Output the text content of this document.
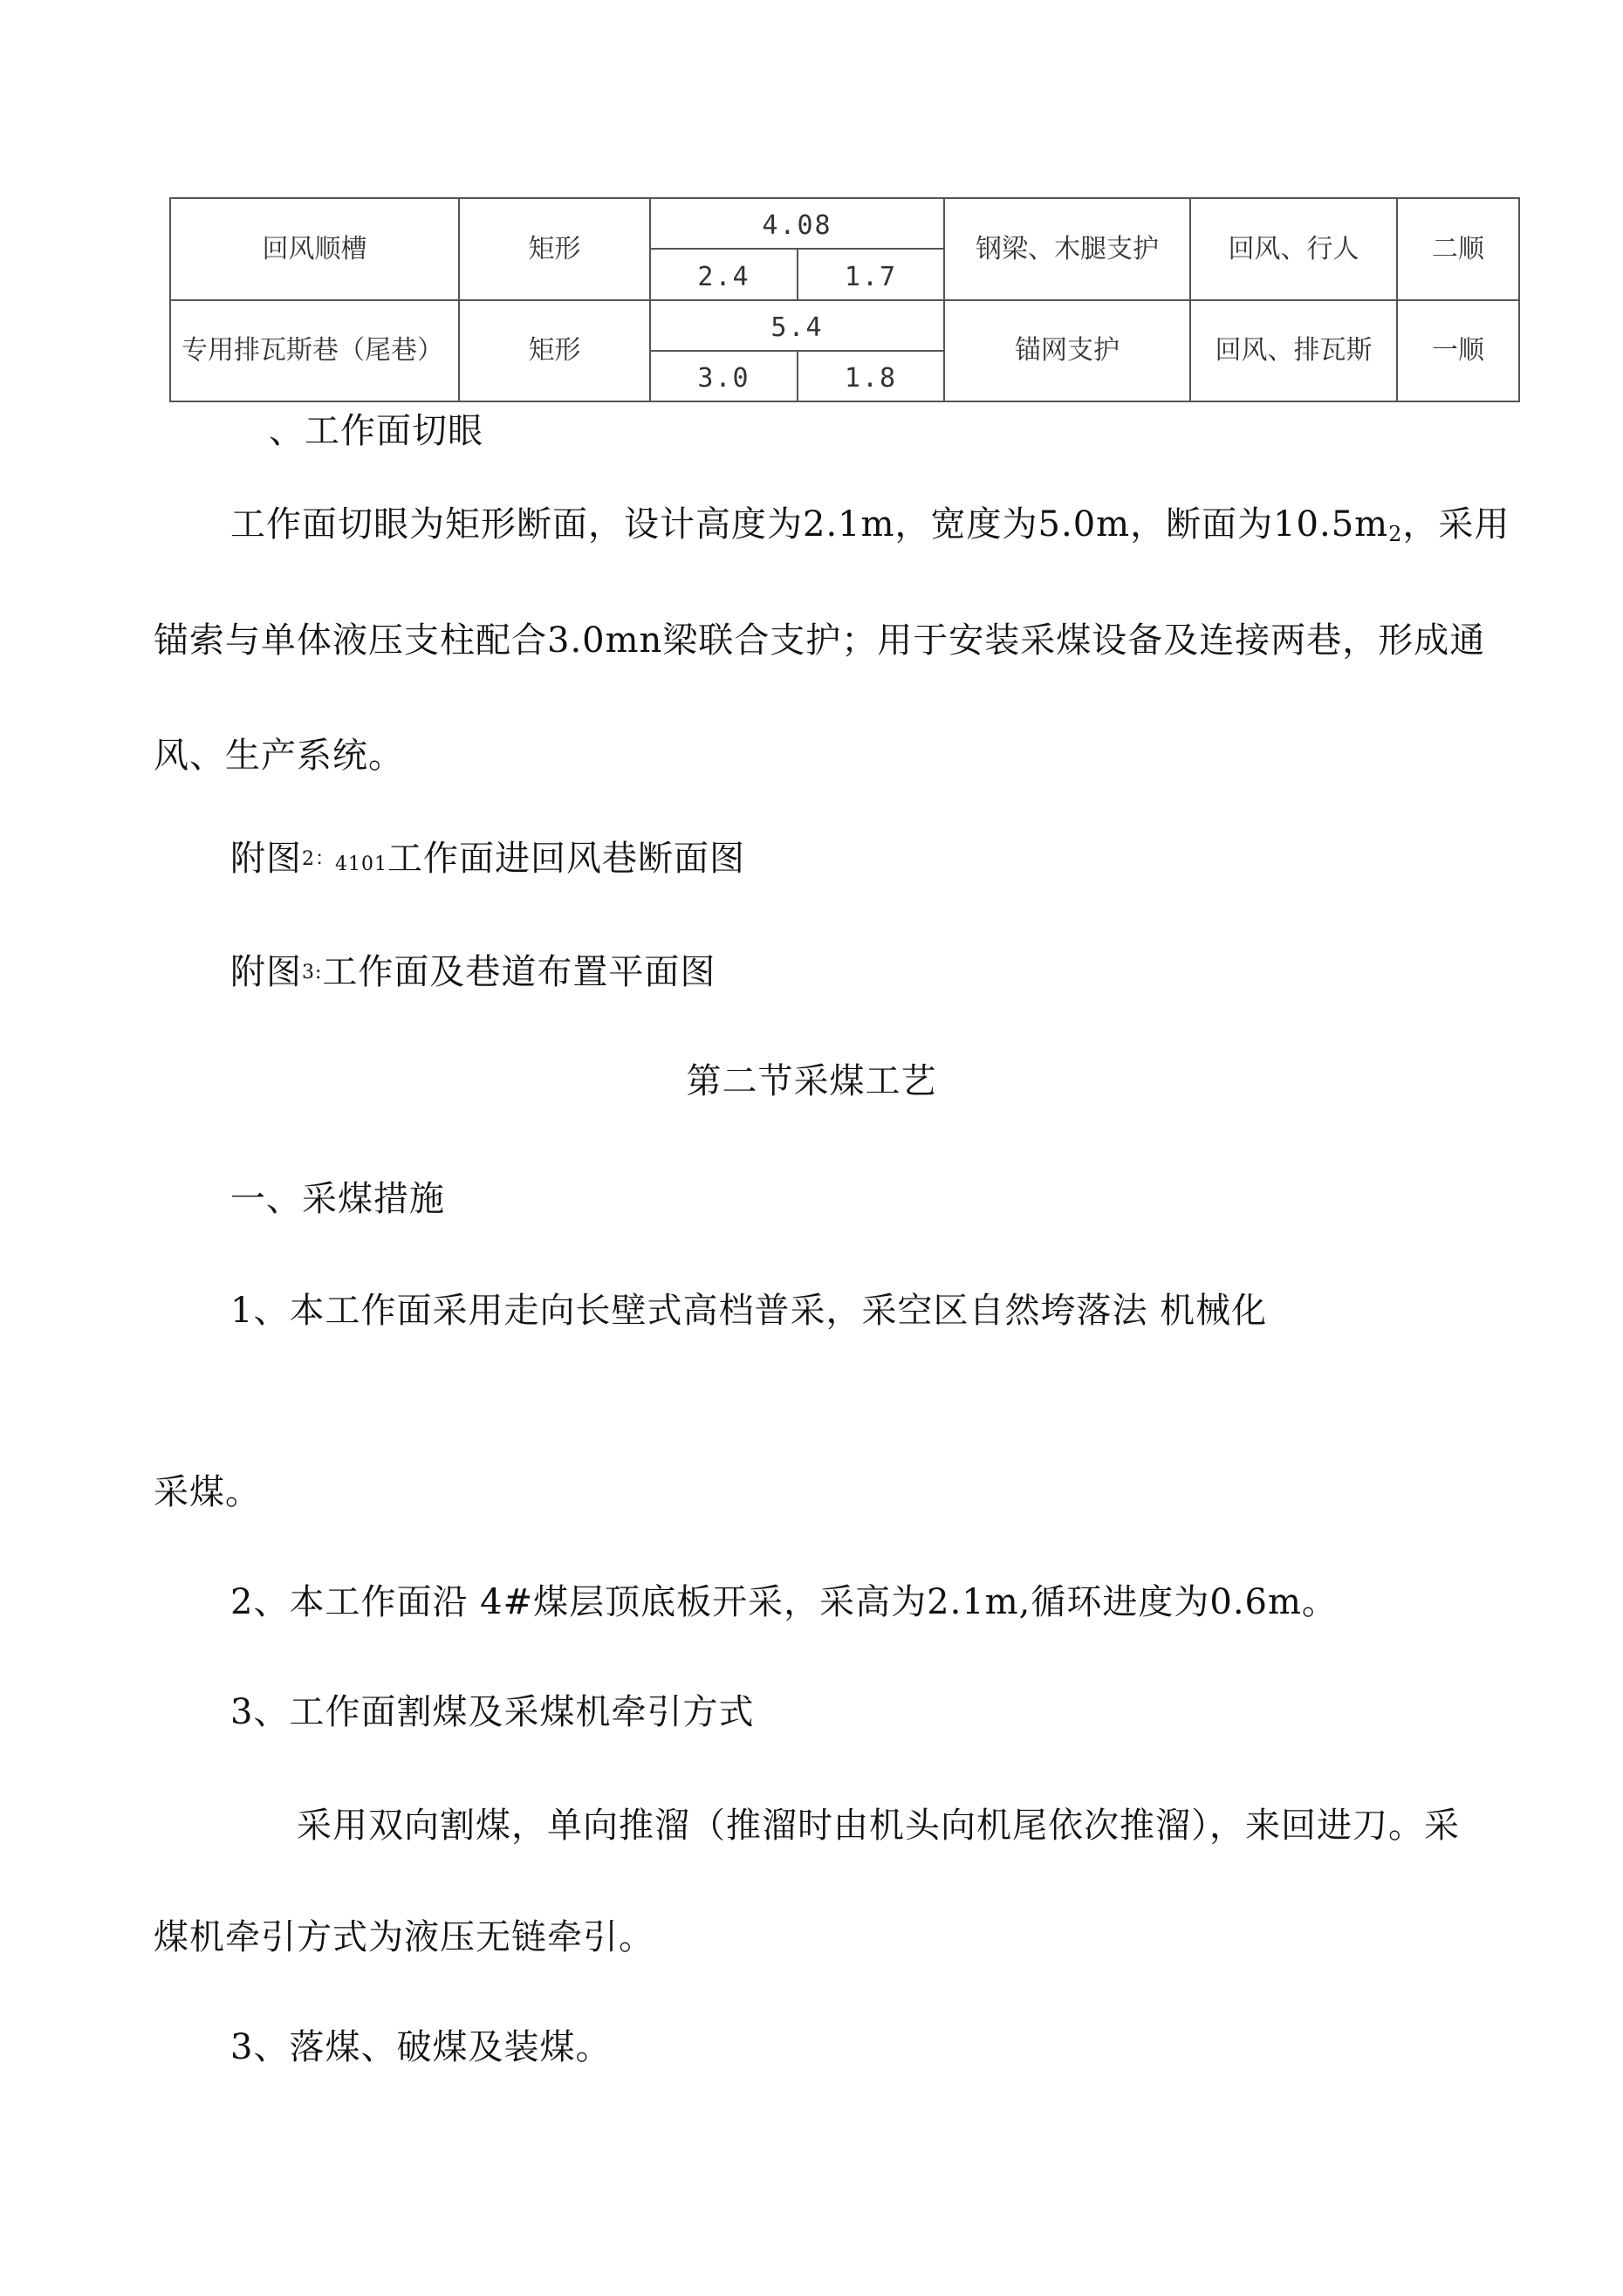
回风顺槽	矩形	4.08		钢梁、木腿支护	回风、行人	二顺
		2.4	1.7			
专用排瓦斯巷（尾巷）	矩形	5.4		锚网支护	回风、排瓦斯	一顺
		3.0	1.8			
、工作面切眼
工作面切眼为矩形断面，设计高度为2.1m，宽度为5.0m，断面为$10.5m_2$，采用
锚索与单体液压支柱配合3.0mn梁联合支护；用于安装采煤设备及连接两巷，形成通
风、生产系统。
附图2：4101工作面进回风巷断面图
附图3:工作面及巷道布置平面图
第二节采煤工艺
一、采煤措施
1、本工作面采用走向长壁式高档普采，采空区自然垮落法 机械化
采煤。
2、本工作面沿 4#煤层顶底板开采，采高为2.1m,循环进度为0.6m。
3、工作面割煤及采煤机牵引方式
采用双向割煤，单向推溜（推溜时由机头向机尾依次推溜），来回进刀。采
煤机牵引方式为液压无链牵引。
3、落煤、破煤及装煤。
